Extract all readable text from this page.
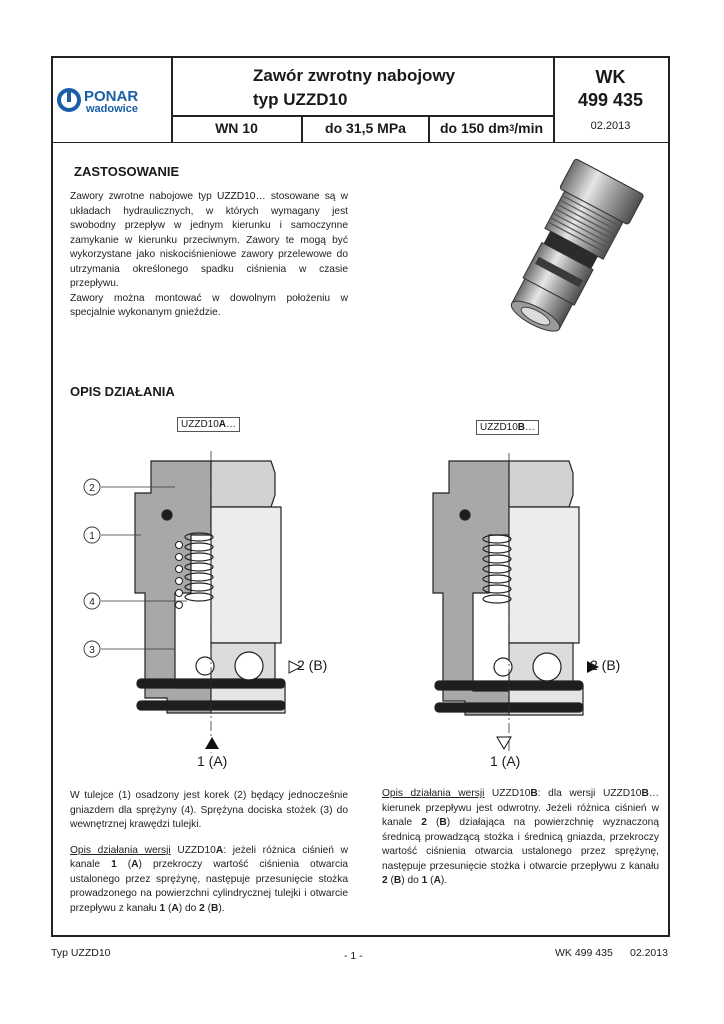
PONAR
wadowice
Zawór zwrotny nabojowy
typ UZZD10
WK
499 435
WN 10	do 31,5 MPa	do 150 dm 3 /min	02.2013
ZASTOSOWANIE

Zawory zwrotne nabojowe typ UZZD10… stosowane są w układach hydraulicznych, w których wymagany jest swobodny przepływ w jednym kierunku i samoczynne zamykanie w kierunku przeciwnym. Zawory te mogą być wykorzystane jako niskociśnieniowe zawory przelewowe do utrzymania określonego spadku ciśnienia w czasie przepływu.

Zawory można montować w dowolnym położeniu w specjalnie wykonanym gnieździe.

OPIS DZIAŁANIA
UZZD10A…	UZZD10B…
2
1
4
3
2 (B)
1 (A)
2 (B)
1 (A)

W tulejce (1) osadzony jest korek (2) będący jednocześnie gniazdem dla sprężyny (4). Sprężyna dociska stożek (3) do wewnętrznej krawędzi tulejki.

Opis działania wersji UZZD10A: jeżeli różnica ciśnień w kanale 1 (A) przekroczy wartość ciśnienia otwarcia ustalonego przez sprężynę, następuje przesunięcie stożka prowadzonego na powierzchni cylindrycznej tulejki i otwarcie przepływu z kanału 1 (A) do 2 (B).

Opis działania wersji UZZD10B: dla wersji UZZD10B… kierunek przepływu jest odwrotny. Jeżeli różnica ciśnień w kanale 2 (B) działająca na powierzchnię wyznaczoną średnicą prowadzącą stożka i średnicą gniazda, przekroczy wartość ciśnienia otwarcia ustalonego przez sprężynę, następuje przesunięcie stożka i otwarcie przepływu z kanału 2 (B) do 1 (A).

Typ UZZD10	- 1 -	WK 499 435 02.2013
